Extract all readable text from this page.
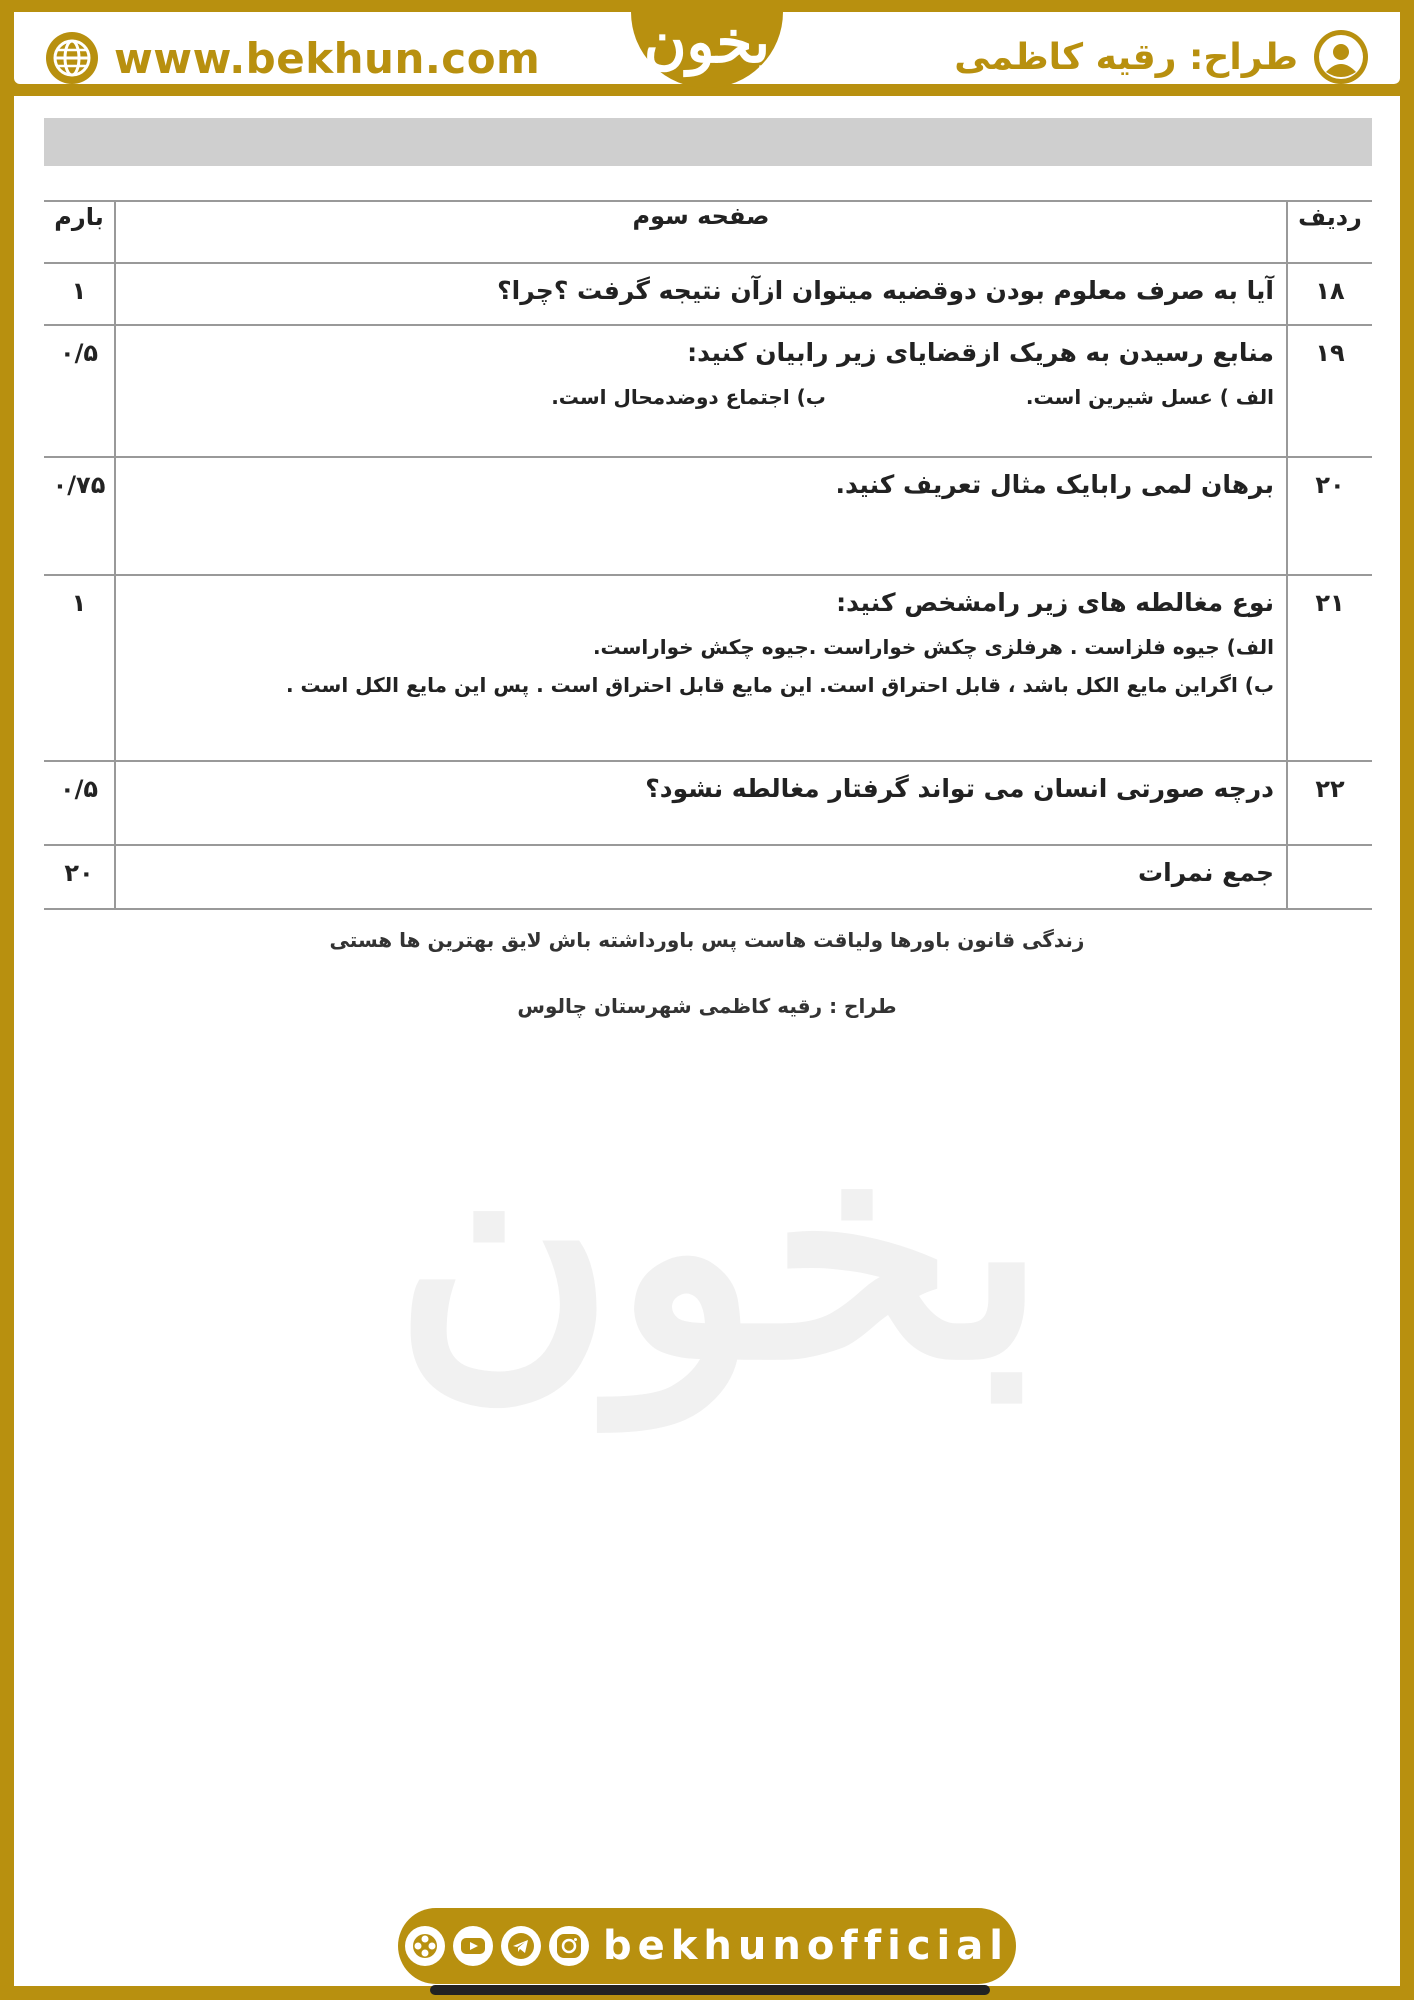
www.bekhun.com	طراح: رقیه کاظمی
بخون
بخون
ردیف	صفحه سوم	بارم

۱۸	آیا به صرف معلوم بودن دوقضیه میتوان ازآن نتیجه گرفت ؟چرا؟	۱

۱۹	منابع رسیدن به هریک ازقضایای زیر رابیان کنید:
الف ) عسل شیرین است.
ب) اجتماع دوضدمحال است.	۰/۵

۲۰	برهان لمی رابایک مثال تعریف کنید.	۰/۷۵

۲۱	نوع مغالطه های زیر رامشخص کنید:
الف) جیوه فلزاست . هرفلزی چکش خواراست .جیوه چکش خواراست.
ب) اگراین مایع الکل باشد ، قابل احتراق است. این مایع قابل احتراق است . پس این مایع الکل است .	۱

۲۲	درچه صورتی انسان می تواند گرفتار مغالطه نشود؟	۰/۵

	جمع نمرات	۲۰
زندگی قانون باورها ولیاقت هاست پس باورداشته باش لایق بهترین ها هستی
طراح : رقیه کاظمی شهرستان چالوس
bekhunofficial
